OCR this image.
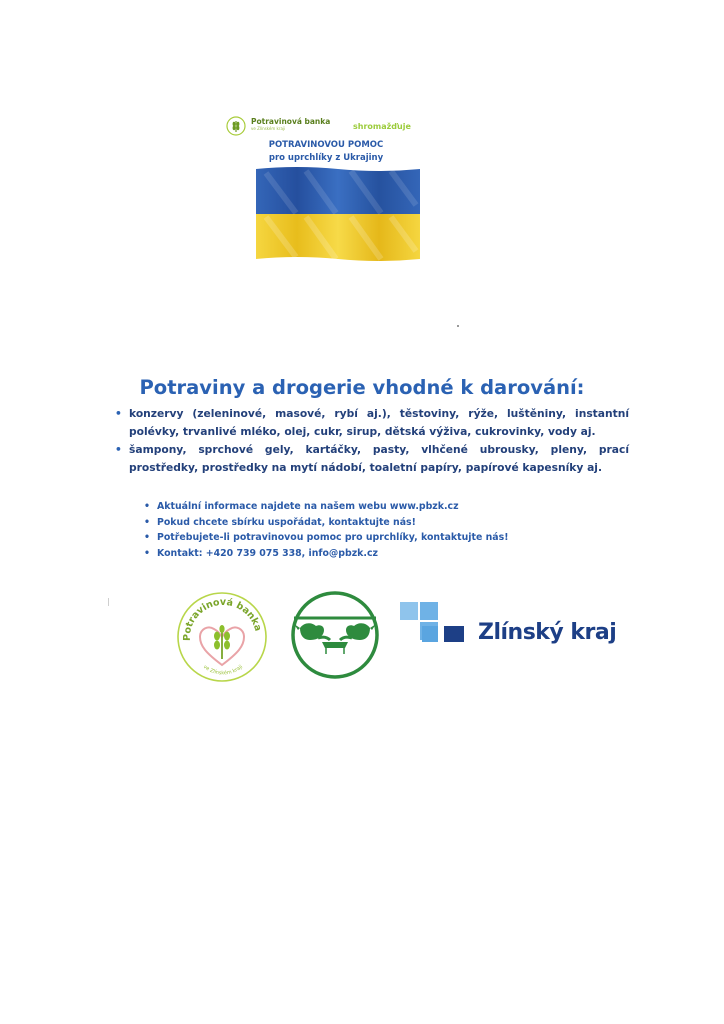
Potravinová banka
ve Zlínském kraji	shromažďuje
POTRAVINOVOU POMOC
pro uprchlíky z Ukrajiny
Potraviny a drogerie vhodné k darování:
• konzervy (zeleninové, masové, rybí aj.), těstoviny, rýže, luštěniny, instantní polévky, trvanlivé mléko, olej, cukr, sirup, dětská výživa, cukrovinky, vody aj.
• šampony, sprchové gely, kartáčky, pasty, vlhčené ubrousky, pleny, prací prostředky, prostředky na mytí nádobí, toaletní papíry, papírové kapesníky aj.
• Aktuální informace najdete na našem webu www.pbzk.cz
• Pokud chcete sbírku uspořádat, kontaktujte nás!
• Potřebujete-li potravinovou pomoc pro uprchlíky, kontaktujte nás!
• Kontakt: +420 739 075 338, info@pbzk.cz
Potravinová banka
ve Zlínském kraji
Zlínský kraj
